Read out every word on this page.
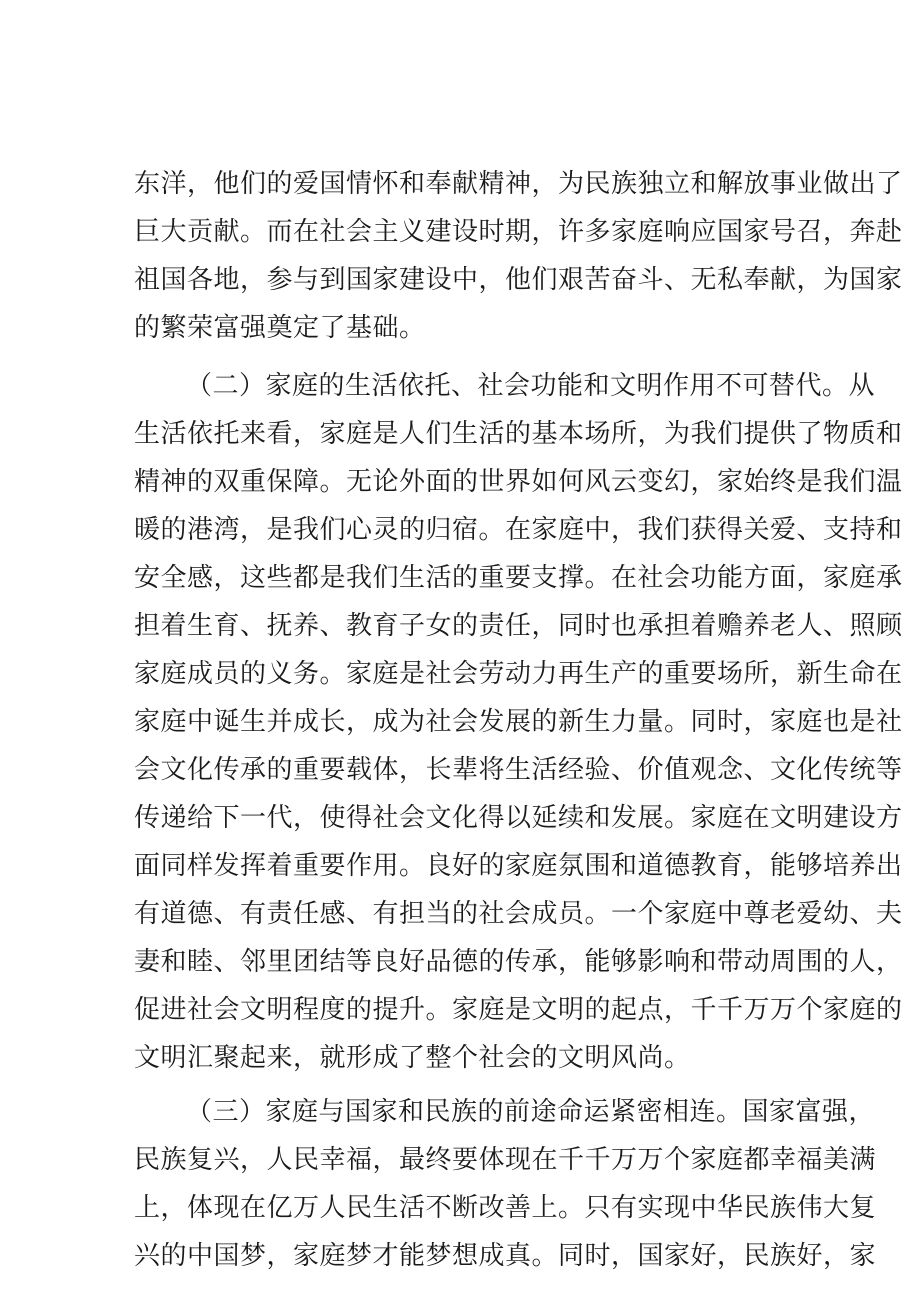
东洋，他们的爱国情怀和奉献精神，为民族独立和解放事业做出了
巨大贡献。而在社会主义建设时期，许多家庭响应国家号召，奔赴
祖国各地，参与到国家建设中，他们艰苦奋斗、无私奉献，为国家
的繁荣富强奠定了基础。
（二）家庭的生活依托、社会功能和文明作用不可替代。从
生活依托来看，家庭是人们生活的基本场所，为我们提供了物质和
精神的双重保障。无论外面的世界如何风云变幻，家始终是我们温
暖的港湾，是我们心灵的归宿。在家庭中，我们获得关爱、支持和
安全感，这些都是我们生活的重要支撑。在社会功能方面，家庭承
担着生育、抚养、教育子女的责任，同时也承担着赡养老人、照顾
家庭成员的义务。家庭是社会劳动力再生产的重要场所，新生命在
家庭中诞生并成长，成为社会发展的新生力量。同时，家庭也是社
会文化传承的重要载体，长辈将生活经验、价值观念、文化传统等
传递给下一代，使得社会文化得以延续和发展。家庭在文明建设方
面同样发挥着重要作用。良好的家庭氛围和道德教育，能够培养出
有道德、有责任感、有担当的社会成员。一个家庭中尊老爱幼、夫
妻和睦、邻里团结等良好品德的传承，能够影响和带动周围的人，
促进社会文明程度的提升。家庭是文明的起点，千千万万个家庭的
文明汇聚起来，就形成了整个社会的文明风尚。
（三）家庭与国家和民族的前途命运紧密相连。国家富强，
民族复兴，人民幸福，最终要体现在千千万万个家庭都幸福美满
上，体现在亿万人民生活不断改善上。只有实现中华民族伟大复
兴的中国梦，家庭梦才能梦想成真。同时，国家好，民族好，家
